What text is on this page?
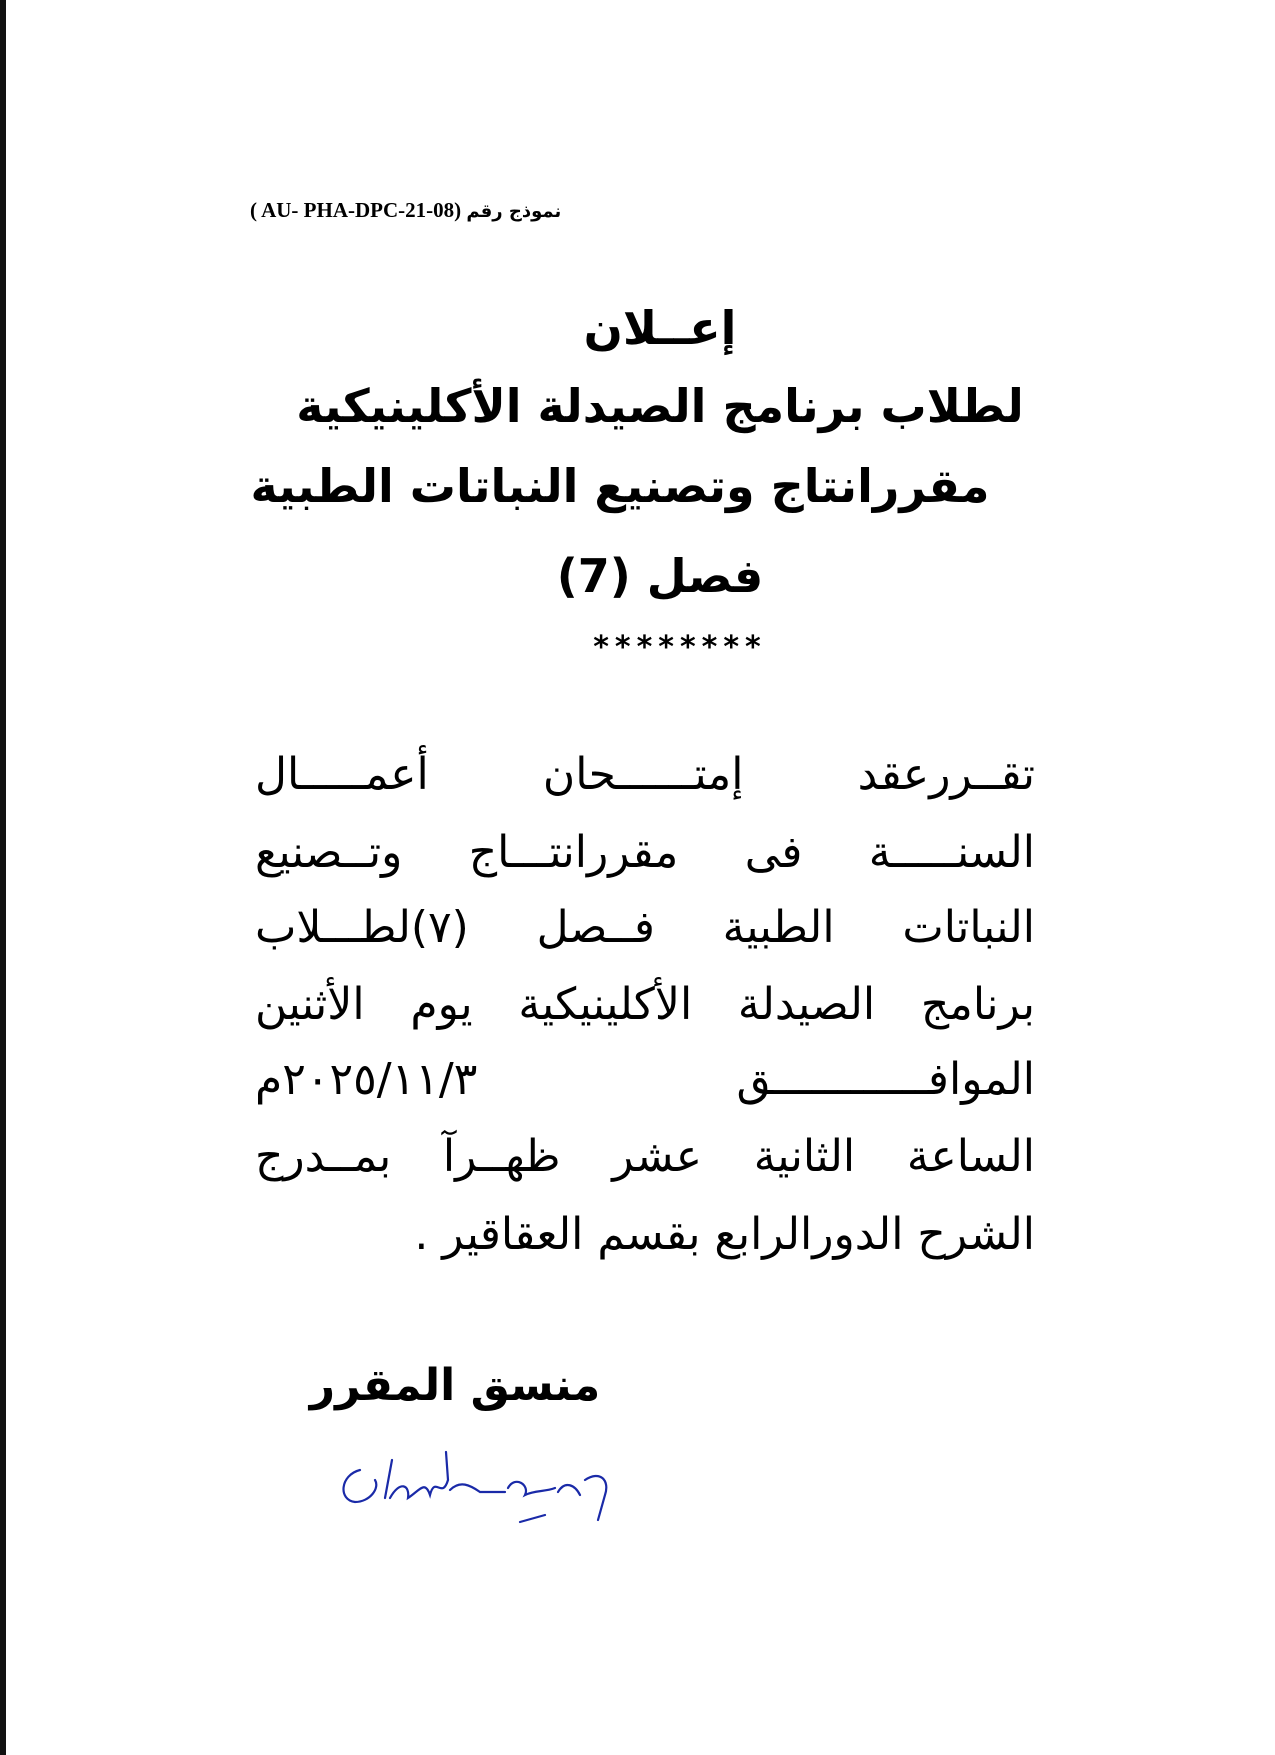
( AU- PHA-DPC-21-08) نموذج رقم
إعــلان
لطلاب برنامج الصيدلة الأكلينيكية
مقررانتاج وتصنيع النباتات الطبية
فصل (7)
********
تقــررعقد إمتــــــحان أعمـــــال
السنـــــة فى مقررانتـــاج وتــصنيع
النباتات الطبية فــصل (٧)لطـــلاب
برنامج الصيدلة الأكلينيكية يوم الأثنين
الموافــــــــــــق ٢٠٢٥/١١/٣م
الساعة الثانية عشر ظهــرآ بمــدرج
الشرح الدورالرابع بقسم العقاقير .
منسق المقرر
